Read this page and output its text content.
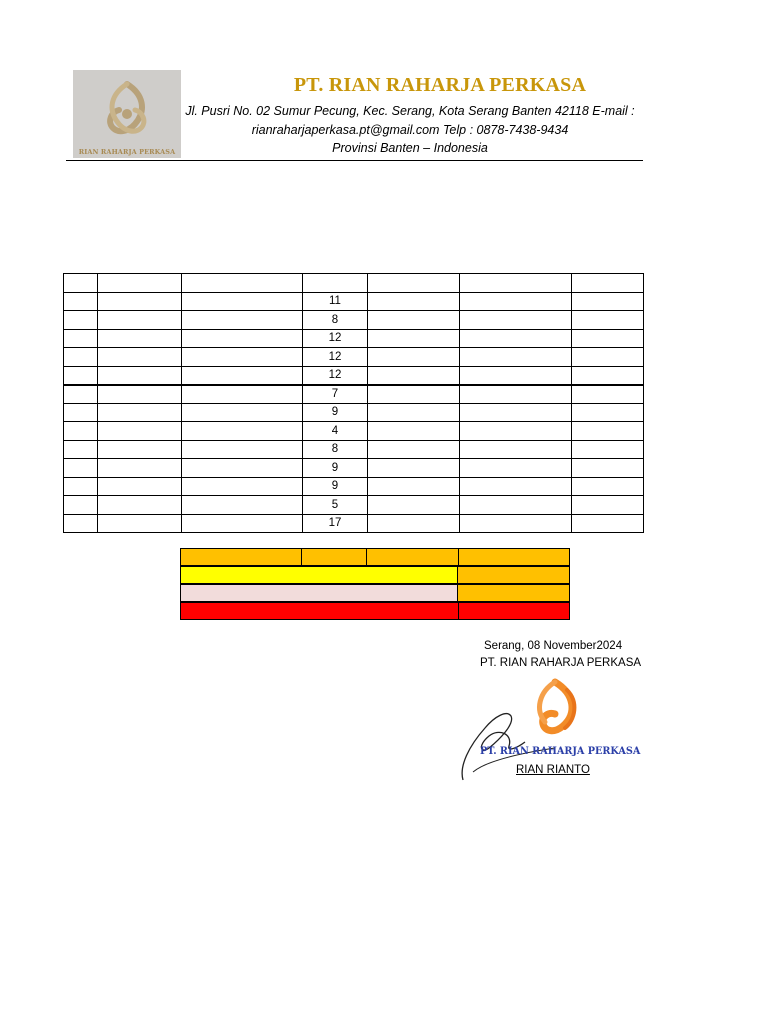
RIAN RAHARJA PERKASA
PT. RIAN RAHARJA PERKASA
Jl. Pusri No. 02 Sumur Pecung, Kec. Serang, Kota Serang Banten 42118 E-mail :
rianraharjaperkasa.pt@gmail.com Telp : 0878-7438-9434
Provinsi Banten – Indonesia

			11			
			8			
			12			
			12			
			12			
			7			
			9			
			4			
			8			
			9			
			9			
			5			
			17			
Serang, 08 November2024
PT. RIAN RAHARJA PERKASA
PT. RIAN RAHARJA PERKASA
RIAN RIANTO
